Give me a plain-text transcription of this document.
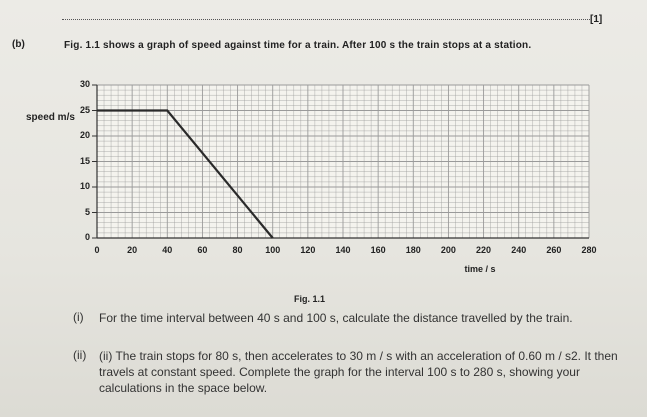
[1]
(b)	Fig. 1.1 shows a graph of speed against time for a train. After 100 s the train stops at a station.
speed m/s
0
5
10
15
20
25
30
0	20	40	60	80	100	120	140	160	180	200	220	240	260	280
time / s
Fig. 1.1
(i) For the time interval between 40 s and 100 s, calculate the distance travelled by the train.
(ii) (ii) The train stops for 80 s, then accelerates to 30 m / s with an acceleration of 0.60 m / s2. It then travels at constant speed. Complete the graph for the interval 100 s to 280 s, showing your calculations in the space below.
